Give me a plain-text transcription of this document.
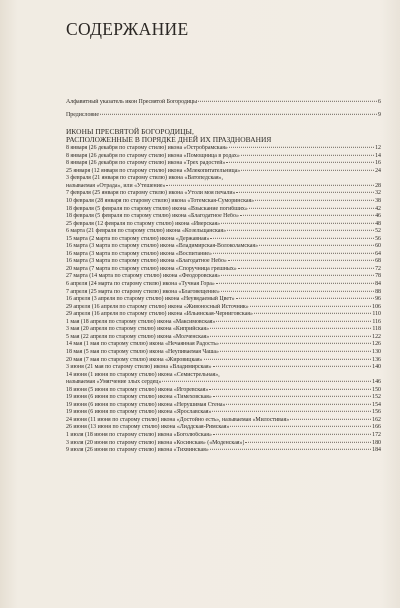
СОДЕРЖАНИЕ
Алфавитный указатель икон Пресвятой Богородицы	6
Предисловие	9
ИКОНЫ ПРЕСВЯТОЙ БОГОРОДИЦЫ,
РАСПОЛОЖЕННЫЕ В ПОРЯДКЕ ДНЕЙ ИХ ПРАЗДНОВАНИЯ
8 января (26 декабря по старому стилю) икона «Остробрамская»	12
8 января (26 декабря по старому стилю) икона «Помощница в родах»	14
8 января (26 декабря по старому стилю) икона «Трех радостей»	16
25 января (12 января по старому стилю) икона «Млекопитательница»	24
3 февраля (21 января по старому стилю) икона «Ватопедская»,
называемая «Отрада», или «Утешение»	28
7 февраля (25 января по старому стилю) икона «Утоли моя печали»	32
10 февраля (28 января по старому стилю) икона «Тотемская-Суморинская»	38
18 февраля (5 февраля по старому стилю) икона «Взыскание погибших»	42
18 февраля (5 февраля по старому стилю) икона «Благодатное Небо»	46
25 февраля (12 февраля по старому стилю) икона «Иверская»	48
6 марта (21 февраля по старому стилю) икона «Козельщанская»	52
15 марта (2 марта по старому стилю) икона «Державная»	56
16 марта (3 марта по старому стилю) икона «Владимирская-Волоколамская»	60
16 марта (3 марта по старому стилю) икона «Воспитание»	64
16 марта (3 марта по старому стилю) икона «Благодатное Небо»	68
20 марта (7 марта по старому стилю) икона «Споручница грешных»	72
27 марта (14 марта по старому стилю) икона «Феодоровская»	78
6 апреля (24 марта по старому стилю) икона «Тучная Гора»	84
7 апреля (25 марта по старому стилю) икона «Благовещение»	88
16 апреля (3 апреля по старому стилю) икона «Неувядаемый Цвет»	96
29 апреля (16 апреля по старому стилю) икона «Живоносный Источник»	106
29 апреля (16 апреля по старому стилю) икона «Ильинская-Черниговская»	110
1 мая (18 апреля по старому стилю) икона «Максимовская»	116
3 мая (20 апреля по старому стилю) икона «Киприйская»	118
5 мая (22 апреля по старому стилю) икона «Молченская»	122
14 мая (1 мая по старому стилю) икона «Нечаянная Радость»	126
18 мая (5 мая по старому стилю) икона «Неупиваемая Чаша»	130
20 мая (7 мая по старому стилю) икона «Жировицкая»	136
3 июня (21 мая по старому стилю) икона «Владимирская»	140
14 июня (1 июня по старому стилю) икона «Семистрельная»,
называемая «Умягчение злых сердец»	146
18 июня (5 июня по старому стилю) икона «Игоревская»	150
19 июня (6 июня по старому стилю) икона «Тимеховская»	152
19 июня (6 июня по старому стилю) икона «Нерушимая Стена»	154
19 июня (6 июня по старому стилю) икона «Ярославская»	156
24 июня (11 июня по старому стилю) икона «Достойно есть», называемая «Милостивая»	162
26 июня (13 июня по старому стилю) икона «Лиддская-Римская»	166
1 июля (18 июня по старому стилю) икона «Боголюбская»	172
3 июля (20 июня по старому стилю) икона «Косинская» («Моденская»)	180
9 июля (26 июня по старому стилю) икона «Тихвинская»	184
